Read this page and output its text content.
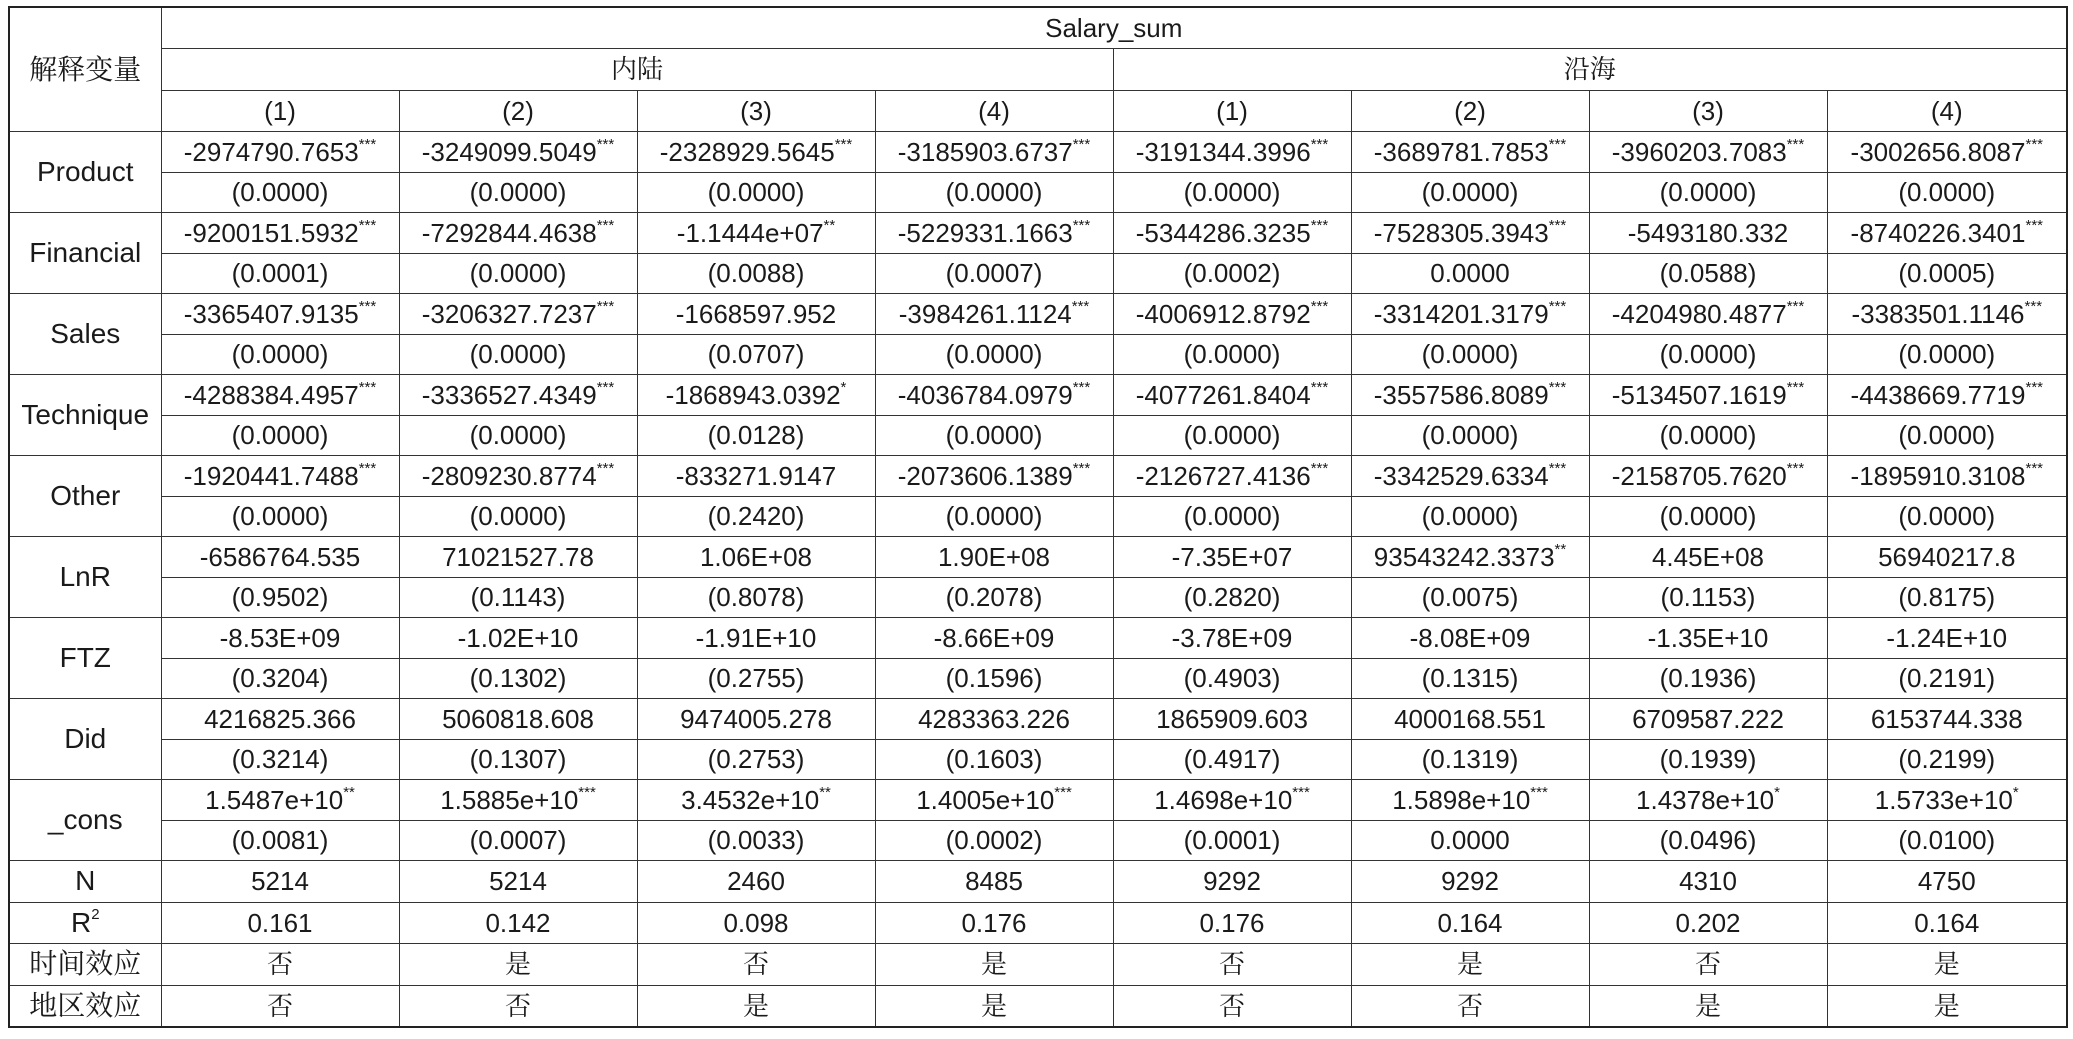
解释变量	Salary_sum							
	内陆				沿海			
	(1)	(2)	(3)	(4)	(1)	(2)	(3)	(4)
Product	-2974790.7653***	-3249099.5049***	-2328929.5645***	-3185903.6737***	-3191344.3996***	-3689781.7853***	-3960203.7083***	-3002656.8087***
	(0.0000)	(0.0000)	(0.0000)	(0.0000)	(0.0000)	(0.0000)	(0.0000)	(0.0000)
Financial	-9200151.5932***	-7292844.4638***	-1.1444e+07**	-5229331.1663***	-5344286.3235***	-7528305.3943***	-5493180.332	-8740226.3401***
	(0.0001)	(0.0000)	(0.0088)	(0.0007)	(0.0002)	0.0000	(0.0588)	(0.0005)
Sales	-3365407.9135***	-3206327.7237***	-1668597.952	-3984261.1124***	-4006912.8792***	-3314201.3179***	-4204980.4877***	-3383501.1146***
	(0.0000)	(0.0000)	(0.0707)	(0.0000)	(0.0000)	(0.0000)	(0.0000)	(0.0000)
Technique	-4288384.4957***	-3336527.4349***	-1868943.0392*	-4036784.0979***	-4077261.8404***	-3557586.8089***	-5134507.1619***	-4438669.7719***
	(0.0000)	(0.0000)	(0.0128)	(0.0000)	(0.0000)	(0.0000)	(0.0000)	(0.0000)
Other	-1920441.7488***	-2809230.8774***	-833271.9147	-2073606.1389***	-2126727.4136***	-3342529.6334***	-2158705.7620***	-1895910.3108***
	(0.0000)	(0.0000)	(0.2420)	(0.0000)	(0.0000)	(0.0000)	(0.0000)	(0.0000)
LnR	-6586764.535	71021527.78	1.06E+08	1.90E+08	-7.35E+07	93543242.3373**	4.45E+08	56940217.8
	(0.9502)	(0.1143)	(0.8078)	(0.2078)	(0.2820)	(0.0075)	(0.1153)	(0.8175)
FTZ	-8.53E+09	-1.02E+10	-1.91E+10	-8.66E+09	-3.78E+09	-8.08E+09	-1.35E+10	-1.24E+10
	(0.3204)	(0.1302)	(0.2755)	(0.1596)	(0.4903)	(0.1315)	(0.1936)	(0.2191)
Did	4216825.366	5060818.608	9474005.278	4283363.226	1865909.603	4000168.551	6709587.222	6153744.338
	(0.3214)	(0.1307)	(0.2753)	(0.1603)	(0.4917)	(0.1319)	(0.1939)	(0.2199)
_cons	1.5487e+10**	1.5885e+10***	3.4532e+10**	1.4005e+10***	1.4698e+10***	1.5898e+10***	1.4378e+10*	1.5733e+10*
	(0.0081)	(0.0007)	(0.0033)	(0.0002)	(0.0001)	0.0000	(0.0496)	(0.0100)
N	5214	5214	2460	8485	9292	9292	4310	4750
$R^2$	0.161	0.142	0.098	0.176	0.176	0.164	0.202	0.164
时间效应	否	是	否	是	否	是	否	是
地区效应	否	否	是	是	否	否	是	是
